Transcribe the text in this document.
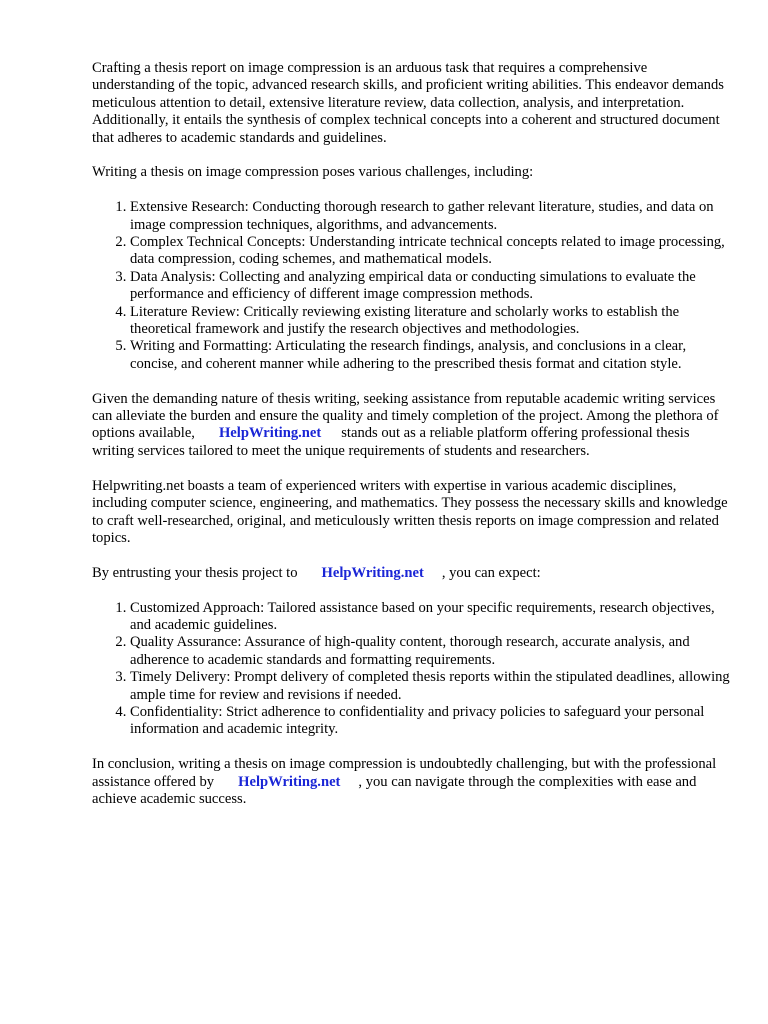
Crafting a thesis report on image compression is an arduous task that requires a comprehensive understanding of the topic, advanced research skills, and proficient writing abilities. This endeavor demands meticulous attention to detail, extensive literature review, data collection, analysis, and interpretation. Additionally, it entails the synthesis of complex technical concepts into a coherent and structured document that adheres to academic standards and guidelines.

Writing a thesis on image compression poses various challenges, including:

1. Extensive Research: Conducting thorough research to gather relevant literature, studies, and data on image compression techniques, algorithms, and advancements.
2. Complex Technical Concepts: Understanding intricate technical concepts related to image processing, data compression, coding schemes, and mathematical models.
3. Data Analysis: Collecting and analyzing empirical data or conducting simulations to evaluate the performance and efficiency of different image compression methods.
4. Literature Review: Critically reviewing existing literature and scholarly works to establish the theoretical framework and justify the research objectives and methodologies.
5. Writing and Formatting: Articulating the research findings, analysis, and conclusions in a clear, concise, and coherent manner while adhering to the prescribed thesis format and citation style.

Given the demanding nature of thesis writing, seeking assistance from reputable academic writing services can alleviate the burden and ensure the quality and timely completion of the project. Among the plethora of options available, HelpWriting.net stands out as a reliable platform offering professional thesis writing services tailored to meet the unique requirements of students and researchers.

Helpwriting.net boasts a team of experienced writers with expertise in various academic disciplines, including computer science, engineering, and mathematics. They possess the necessary skills and knowledge to craft well-researched, original, and meticulously written thesis reports on image compression and related topics.

By entrusting your thesis project to HelpWriting.net , you can expect:

1. Customized Approach: Tailored assistance based on your specific requirements, research objectives, and academic guidelines.
2. Quality Assurance: Assurance of high-quality content, thorough research, accurate analysis, and adherence to academic standards and formatting requirements.
3. Timely Delivery: Prompt delivery of completed thesis reports within the stipulated deadlines, allowing ample time for review and revisions if needed.
4. Confidentiality: Strict adherence to confidentiality and privacy policies to safeguard your personal information and academic integrity.

In conclusion, writing a thesis on image compression is undoubtedly challenging, but with the professional assistance offered by HelpWriting.net , you can navigate through the complexities with ease and achieve academic success.
